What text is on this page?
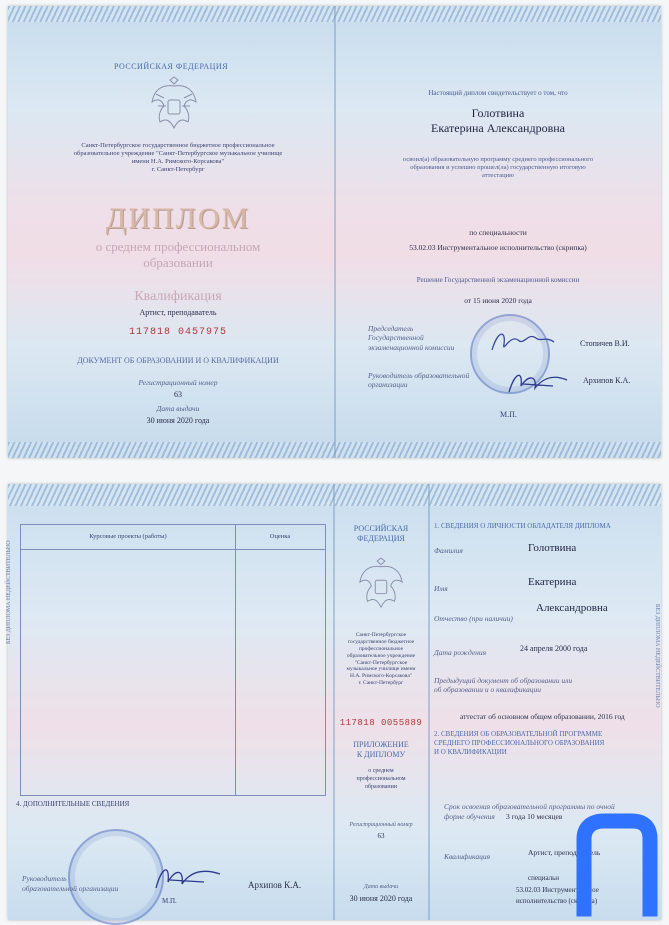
РОССИЙСКАЯ ФЕДЕРАЦИЯ
Санкт-Петербургское государственное бюджетное профессиональное
образовательное учреждение "Санкт-Петербургское музыкальное училище
имени Н.А. Римского-Корсакова"
г. Санкт-Петербург
ДИПЛОМ
о среднем профессиональном
образовании
Квалификация
Артист, преподаватель
117818 0457975
ДОКУМЕНТ ОБ ОБРАЗОВАНИИ И О КВАЛИФИКАЦИИ
Регистрационный номер
63
Дата выдачи
30 июня 2020 года
Настоящий диплом свидетельствует о том, что
Голотвина
Екатерина Александровна
освоил(а) образовательную программу среднего профессионального
образования и успешно прошел(ла) государственную итоговую
аттестацию
по специальности
53.02.03 Инструментальное исполнительство (скрипка)
Решение Государственной экзаменационной комиссии
от 15 июня 2020 года
Председатель
Государственной
экзаменационной комиссии	Стопичев В.И.
Руководитель образовательной
организации	Архипов К.А.
М.П.
Курсовые проекты (работы)	Оценка
4. ДОПОЛНИТЕЛЬНЫЕ СВЕДЕНИЯ
Руководитель
образовательной организации	Архипов К.А.
М.П.
БЕЗ ДИПЛОМА НЕДЕЙСТВИТЕЛЬНО
РОССИЙСКАЯ
ФЕДЕРАЦИЯ
Санкт-Петербургское
государственное бюджетное
профессиональное
образовательное учреждение
"Санкт-Петербургское
музыкальное училище имени
Н.А. Римского-Корсакова"
г. Санкт-Петербург
117818 0055889
ПРИЛОЖЕНИЕ
К ДИПЛОМУ
о среднем
профессиональном
образовании
Регистрационный номер
63
Дата выдачи
30 июня 2020 года
1. СВЕДЕНИЯ О ЛИЧНОСТИ ОБЛАДАТЕЛЯ ДИПЛОМА
Фамилия	Голотвина
Имя
Екатерина
Отчество (при наличии)
Александровна
Дата рождения	24 апреля 2000 года
Предыдущий документ об образовании или
об образовании и о квалификации
аттестат об основном общем образовании, 2016 год
2. СВЕДЕНИЯ ОБ ОБРАЗОВАТЕЛЬНОЙ ПРОГРАММЕ
СРЕДНЕГО ПРОФЕССИОНАЛЬНОГО ОБРАЗОВАНИЯ
И О КВАЛИФИКАЦИИ
Срок освоения образовательной программы по очной
форме обучения	3 года 10 месяцев
Квалификация	Артист, преподаватель
специальн
53.02.03 Инструментальное
исполнительство (скрипка)
БЕЗ ДИПЛОМА НЕДЕЙСТВИТЕЛЬНО
